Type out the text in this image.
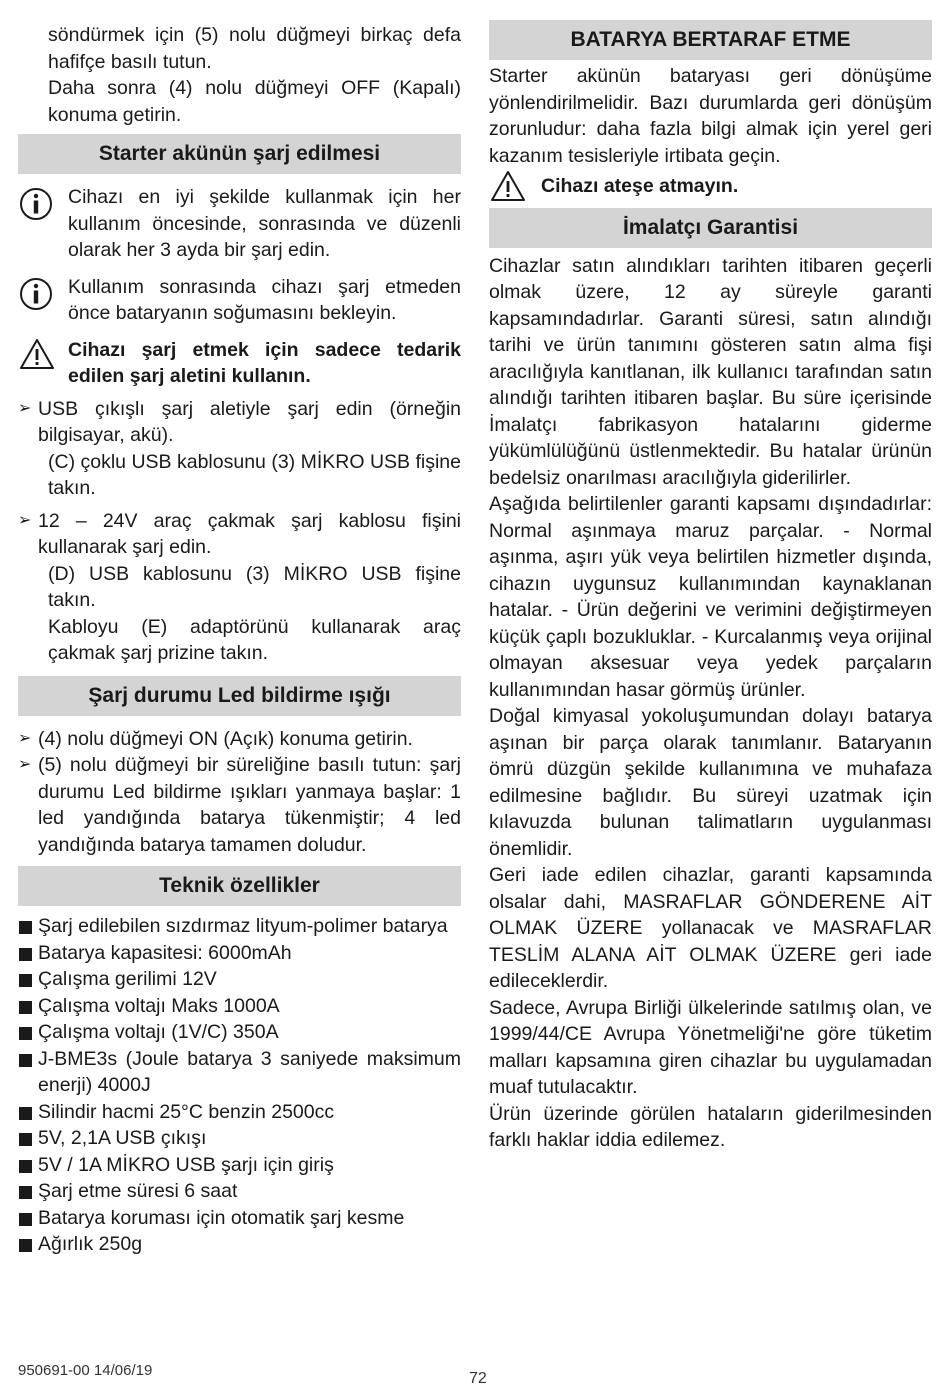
söndürmek için (5) nolu düğmeyi birkaç defa hafifçe basılı tutun.

Daha sonra (4) nolu düğmeyi OFF (Kapalı) konuma getirin.

Starter akünün şarj edilmesi

Cihazı en iyi şekilde kullanmak için her kullanım öncesinde, sonrasında ve düzenli olarak her 3 ayda bir şarj edin.

Kullanım sonrasında cihazı şarj etmeden önce bataryanın soğumasını bekleyin.

Cihazı şarj etmek için sadece tedarik edilen şarj aletini kullanın.

➢ USB çıkışlı şarj aletiyle şarj edin (örneğin bilgisayar, akü).

(C) çoklu USB kablosunu (3) MİKRO USB fişine takın.

➢ 12 – 24V araç çakmak şarj kablosu fişini kullanarak şarj edin.

(D) USB kablosunu (3) MİKRO USB fişine takın.

Kabloyu (E) adaptörünü kullanarak araç çakmak şarj prizine takın.

Şarj durumu Led bildirme ışığı
➢ (4) nolu düğmeyi ON (Açık) konuma getirin.

➢ (5) nolu düğmeyi bir süreliğine basılı tutun: şarj durumu Led bildirme ışıkları yanmaya başlar: 1 led yandığında batarya tükenmiştir; 4 led yandığında batarya tamamen doludur.

Teknik özellikler

Şarj edilebilen sızdırmaz lityum-polimer batarya

Batarya kapasitesi: 6000mAh

Çalışma gerilimi 12V

Çalışma voltajı Maks 1000A

Çalışma voltajı (1V/C) 350A

J-BME3s (Joule batarya 3 saniyede maksimum enerji) 4000J

Silindir hacmi 25°C benzin 2500cc

5V, 2,1A USB çıkışı

5V / 1A MİKRO USB şarjı için giriş

Şarj etme süresi 6 saat

Batarya koruması için otomatik şarj kesme

Ağırlık 250g

BATARYA BERTARAF ETME

Starter akünün bataryası geri dönüşüme yönlendirilmelidir. Bazı durumlarda geri dönüşüm zorunludur: daha fazla bilgi almak için yerel geri kazanım tesisleriyle irtibata geçin.

Cihazı ateşe atmayın.

İmalatçı Garantisi

Cihazlar satın alındıkları tarihten itibaren geçerli olmak üzere, 12 ay süreyle garanti kapsamındadırlar. Garanti süresi, satın alındığı tarihi ve ürün tanımını gösteren satın alma fişi aracılığıyla kanıtlanan, ilk kullanıcı tarafından satın alındığı tarihten itibaren başlar. Bu süre içerisinde İmalatçı fabrikasyon hatalarını giderme yükümlülüğünü üstlenmektedir. Bu hatalar ürünün bedelsiz onarılması aracılığıyla giderilirler.

Aşağıda belirtilenler garanti kapsamı dışındadırlar: Normal aşınmaya maruz parçalar. - Normal aşınma, aşırı yük veya belirtilen hizmetler dışında, cihazın uygunsuz kullanımından kaynaklanan hatalar. - Ürün değerini ve verimini değiştirmeyen küçük çaplı bozukluklar. - Kurcalanmış veya orijinal olmayan aksesuar veya yedek parçaların kullanımından hasar görmüş ürünler.

Doğal kimyasal yokoluşumundan dolayı batarya aşınan bir parça olarak tanımlanır. Bataryanın ömrü düzgün şekilde kullanımına ve muhafaza edilmesine bağlıdır. Bu süreyi uzatmak için kılavuzda bulunan talimatların uygulanması önemlidir.

Geri iade edilen cihazlar, garanti kapsamında olsalar dahi, MASRAFLAR GÖNDERENE AİT OLMAK ÜZERE yollanacak ve MASRAFLAR TESLİM ALANA AİT OLMAK ÜZERE geri iade edileceklerdir.

Sadece, Avrupa Birliği ülkelerinde satılmış olan, ve 1999/44/CE Avrupa Yönetmeliği'ne göre tüketim malları kapsamına giren cihazlar bu uygulamadan muaf tutulacaktır.

Ürün üzerinde görülen hataların giderilmesinden farklı haklar iddia edilemez.

950691-00 14/06/19	72
